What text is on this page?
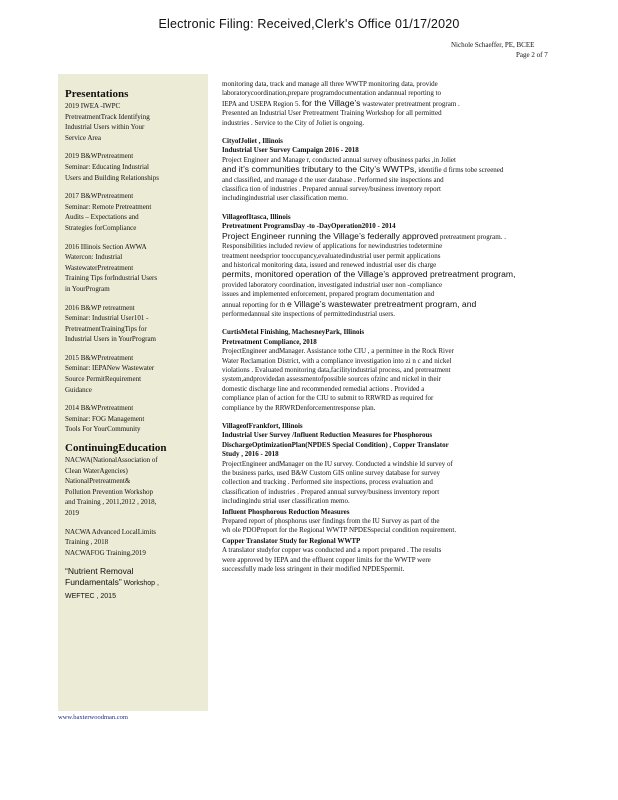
Electronic Filing: Received,Clerk's Office 01/17/2020
Nichole Schaeffer, PE, BCEE
Page 2 of 7
Presentations
2019 IWEA -IWPC
PretreatmentTrack Identifying
Industrial Users within Your
Service Area
2019 B&WPretreatment
Seminar: Educating Industrial
Users and Building Relationships
2017 B&WPretreatment
Seminar: Remote Pretreatment
Audits – Expectations and
Strategies forCompliance
2016 Illinois Section AWWA
Watercon: Industrial
WastewaterPretreatment
Training Tips forIndustrial Users
in YourProgram
2016 B&WP retreatment
Seminar: Industrial User101 -
PretreatmentTrainingTips for
Industrial Users in YourProgram
2015 B&WPretreatment
Seminar: IEPANew Wastewater
Source PermitRequirement
Guidance
2014 B&WPretreatment
Seminar: FOG Management
Tools For YourCommunity
ContinuingEducation
NACWA(NationalAssociation of
Clean WaterAgencies)
NationalPretreatment&
Pollution Prevention Workshop
and Training , 2011,2012 , 2018,
2019
NACWA Advanced LocalLimits
Training , 2018
NACWAFOG Training,2019
“Nutrient Removal
Fundamentals” Workshop ,
WEFTEC , 2015
www.baxterwoodman.com

monitoring data, track and manage all three WWTP monitoring data, provide
laboratorycoordination,prepare programdocumentation andannual reporting to
IEPA and USEPA Region 5. for the Village’s wastewater pretreatment program .
Presented an Industrial User Pretreatment Training Workshop for all permitted
industries . Service to the City of Joliet is ongoing.

CityofJoliet , Illinois
Industrial User Survey Campaign 2016 - 2018

Project Engineer and Manage r, conducted annual survey ofbusiness parks ,in Joliet
and it’s communities tributary to the City’s WWTPs, identifie d firms tobe screened
and classified, and manage d the user database . Performed site inspections and
classifica tion of industries . Prepared annual survey/business inventory report
includingindustrial user classification memo.

VillageofItasca, Illinois
Pretreatment ProgramsDay -to -DayOperation2010 - 2014

Project Engineer running the Village’s federally approved pretreatment program. .
Responsibilities included review of applications for newindustries todetermine
treatment needsprior tooccupancy,evaluatedindustrial user permit applications
and historical monitoring data, issued and renewed industrial user dis charge
permits, monitored operation of the Village’s approved pretreatment program,
provided laboratory coordination, investigated industrial user non -compliance
issues and implemented enforcement, prepared program documentation and
annual reporting for th e Village’s wastewater pretreatment program, and
performedannual site inspections of permittedindustrial users.

CurtisMetal Finishing, MachesneyPark, Illinois
Pretreatment Compliance, 2018

ProjectEngineer andManager. Assistance tothe CIU , a permittee in the Rock River
Water Reclamation District, with a compliance investigation into zi n c and nickel
violations . Evaluated monitoring data,facilityindustrial process, and pretreatment
system,andprovidedan assessmentofpossible sources ofzinc and nickel in their
domestic discharge line and recommended remedial actions . Provided a
compliance plan of action for the CIU to submit to RRWRD as required for
compliance by the RRWRDenforcementresponse plan.

VillageofFrankfort, Illinois
Industrial User Survey /Influent Reduction Measures for Phosphorous
DischargeOptimizationPlan(NPDES Special Condition) , Copper Translator
Study , 2016 - 2018

ProjectEngineer andManager on the IU survey. Conducted a windshie ld survey of
the business parks, used B&W Custom GIS online survey database for survey
collection and tracking . Performed site inspections, process evaluation and
classification of industries . Prepared annual survey/business inventory report
includingindu strial user classification memo.

Influent Phosphorous Reduction Measures

Prepared report of phosphorus user findings from the IU Survey as part of the
wh ole PDOPreport for the Regional WWTP NPDESspecial condition requirement.

Copper Translator Study for Regional WWTP

A translator studyfor copper was conducted and a report prepared . The results
were approved by IEPA and the effluent copper limits for the WWTP were
successfully made less stringent in their modified NPDESpermit.
